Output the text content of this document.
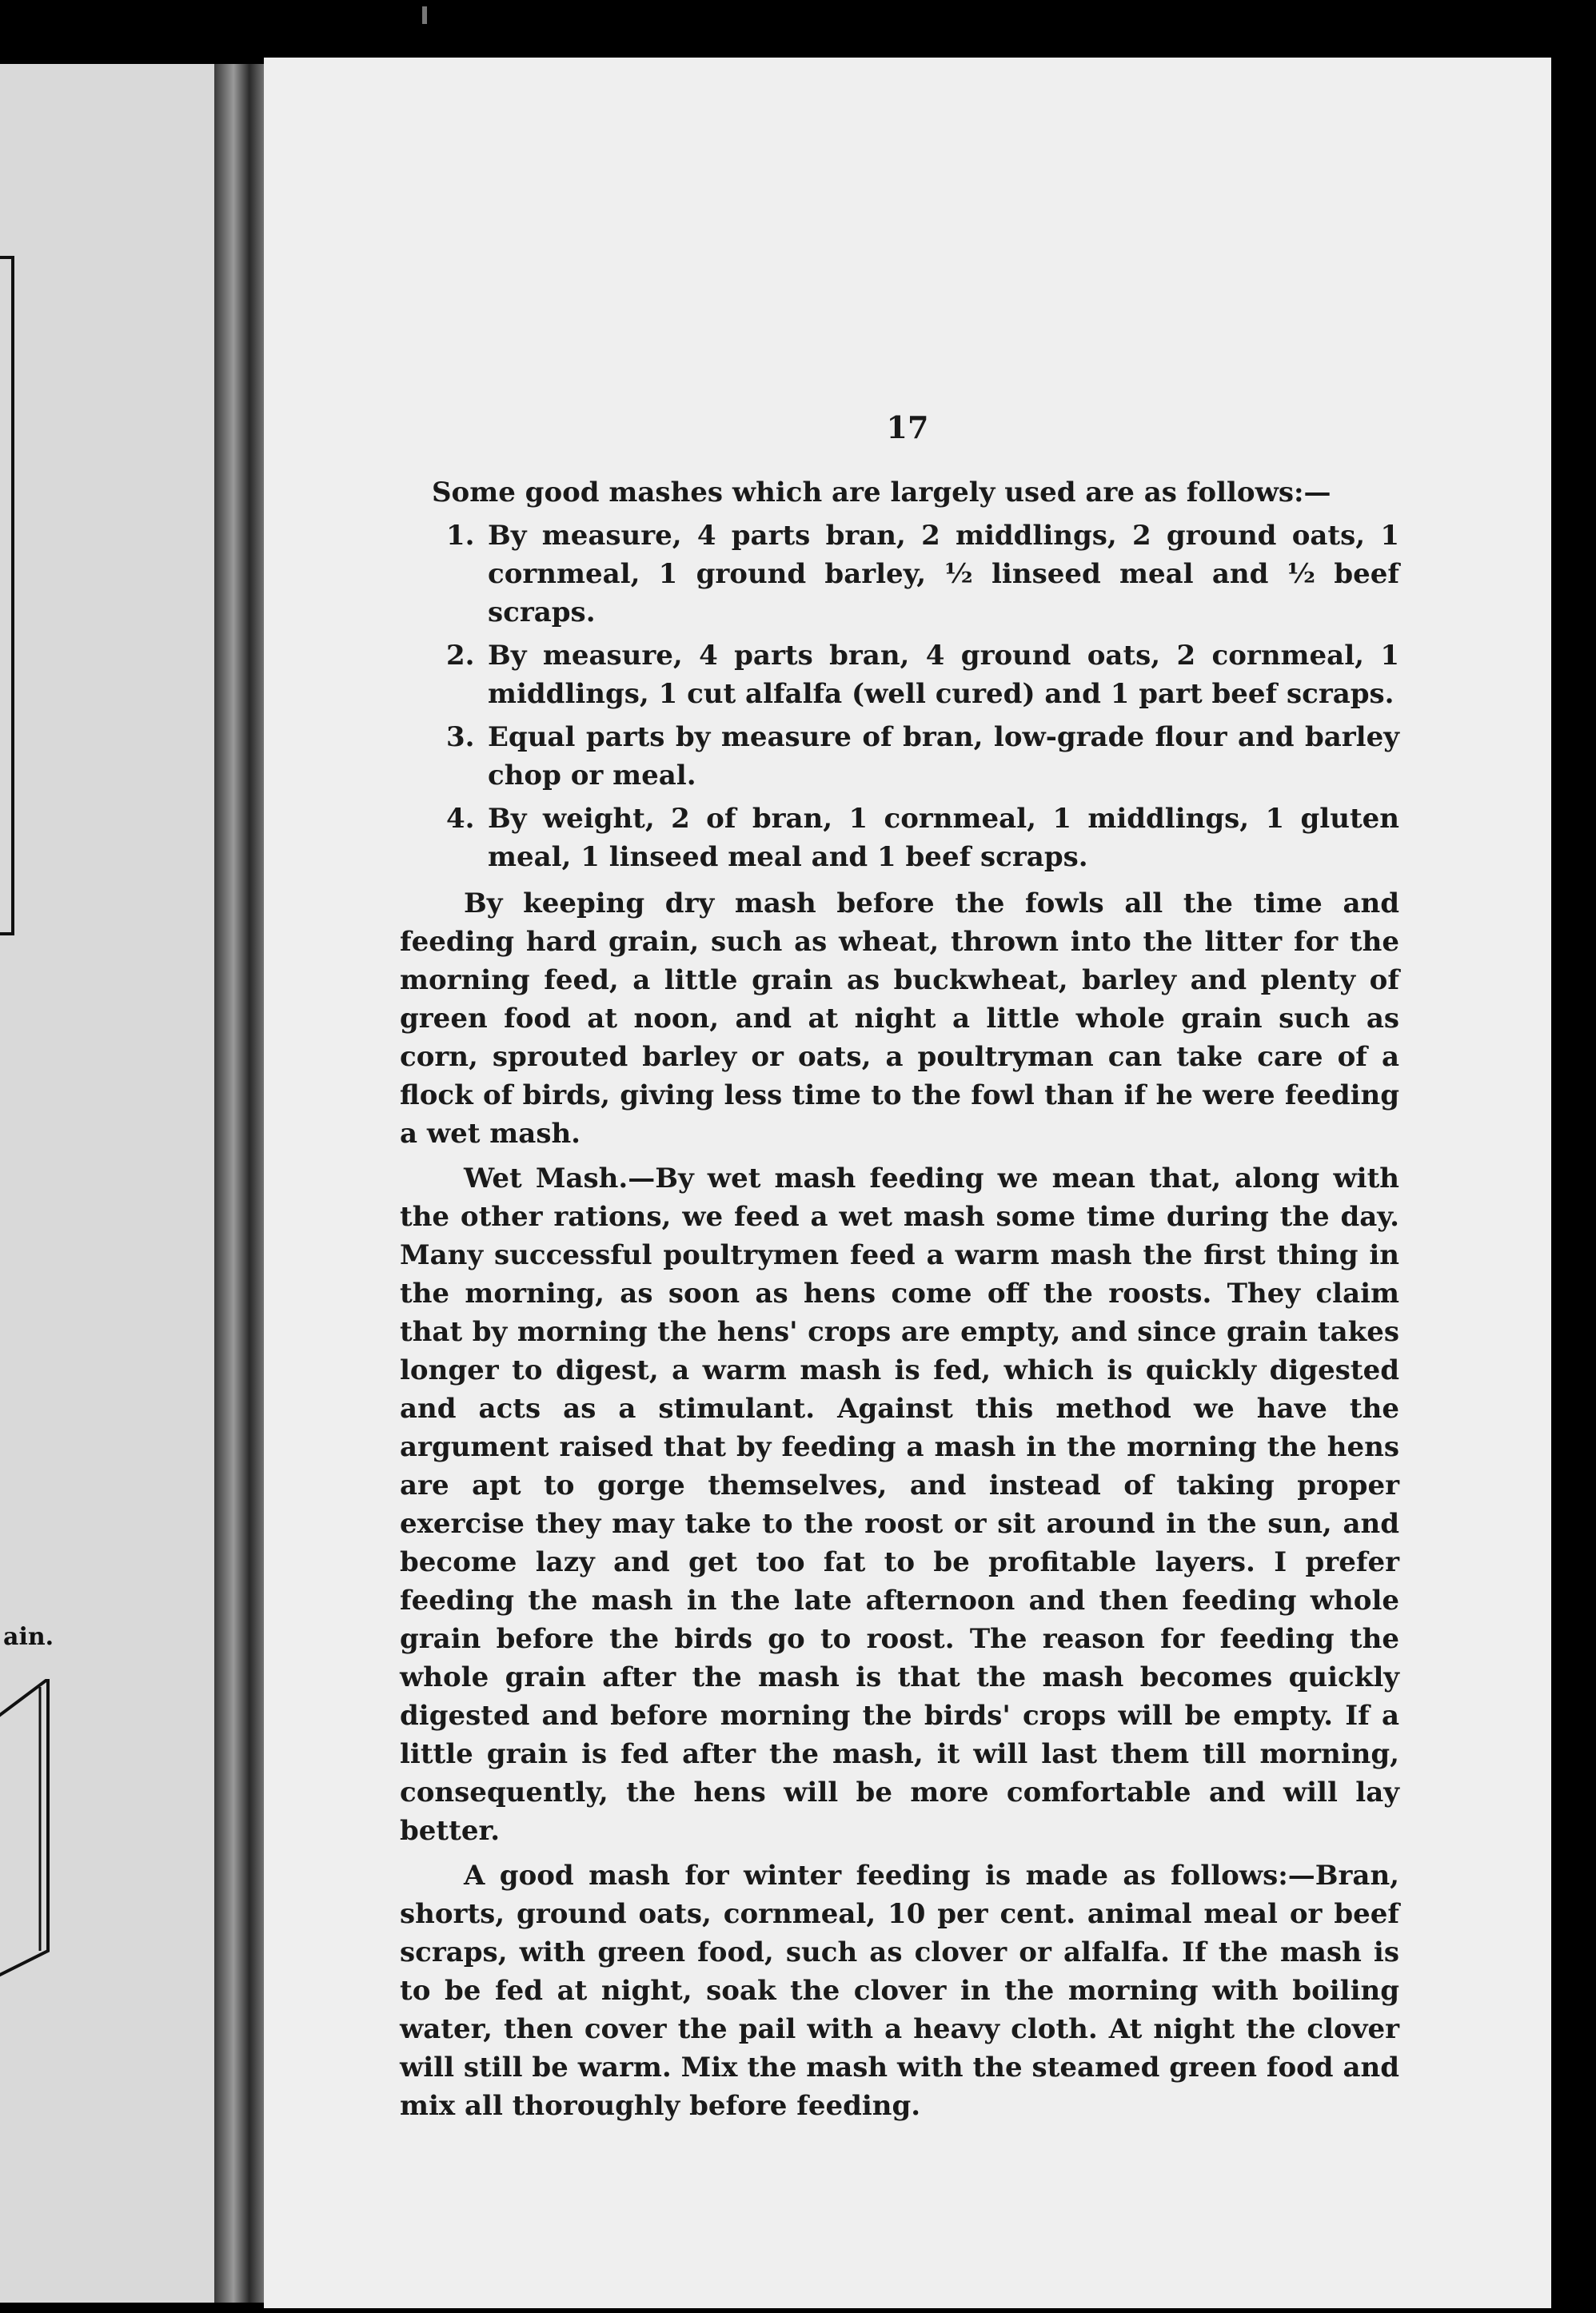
ain.
17
Some good mashes which are largely used are as follows:—
1. By measure, 4 parts bran, 2 middlings, 2 ground oats, 1 cornmeal, 1 ground barley, ½ linseed meal and ½ beef scraps.
2. By measure, 4 parts bran, 4 ground oats, 2 cornmeal, 1 middlings, 1 cut alfalfa (well cured) and 1 part beef scraps.
3. Equal parts by measure of bran, low-grade flour and barley chop or meal.
4. By weight, 2 of bran, 1 cornmeal, 1 middlings, 1 gluten meal, 1 linseed meal and 1 beef scraps.

By keeping dry mash before the fowls all the time and feeding hard grain, such as wheat, thrown into the litter for the morning feed, a little grain as buckwheat, barley and plenty of green food at noon, and at night a little whole grain such as corn, sprouted barley or oats, a poultryman can take care of a flock of birds, giving less time to the fowl than if he were feeding a wet mash.

Wet Mash.—By wet mash feeding we mean that, along with the other rations, we feed a wet mash some time during the day. Many successful poultrymen feed a warm mash the first thing in the morning, as soon as hens come off the roosts. They claim that by morning the hens' crops are empty, and since grain takes longer to digest, a warm mash is fed, which is quickly digested and acts as a stimulant. Against this method we have the argument raised that by feeding a mash in the morning the hens are apt to gorge themselves, and instead of taking proper exercise they may take to the roost or sit around in the sun, and become lazy and get too fat to be profitable layers. I prefer feeding the mash in the late afternoon and then feeding whole grain before the birds go to roost. The reason for feeding the whole grain after the mash is that the mash becomes quickly digested and before morning the birds' crops will be empty. If a little grain is fed after the mash, it will last them till morning, consequently, the hens will be more comfortable and will lay better.

A good mash for winter feeding is made as follows:—Bran, shorts, ground oats, cornmeal, 10 per cent. animal meal or beef scraps, with green food, such as clover or alfalfa. If the mash is to be fed at night, soak the clover in the morning with boiling water, then cover the pail with a heavy cloth. At night the clover will still be warm. Mix the mash with the steamed green food and mix all thoroughly before feeding.
